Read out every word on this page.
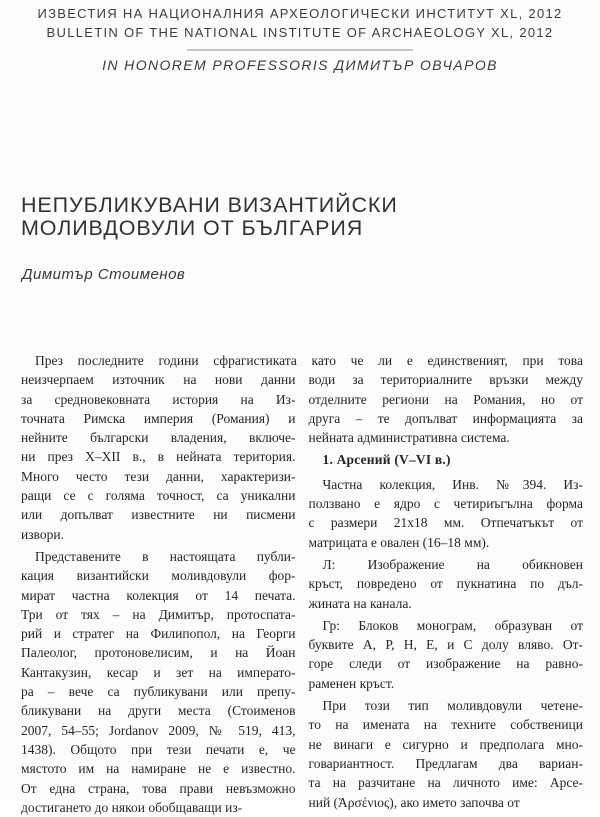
ИЗВЕСТИЯ НА НАЦИОНАЛНИЯ АРХЕОЛОГИЧЕСКИ ИНСТИТУТ XL, 2012
BULLETIN OF THE NATIONAL INSTITUTE OF ARCHAEOLOGY XL, 2012
IN HONOREM PROFESSORIS ДИМИТЪР ОВЧАРОВ
НЕПУБЛИКУВАНИ ВИЗАНТИЙСКИ
МОЛИВДОВУЛИ ОТ БЪЛГАРИЯ
Димитър Стоименов
През последните години сфрагистиката като че ли е единственият, при това
неизчерпаем източник на нови данни
за средновековната история на Из-
точната Римска империя (Романия) и
нейните български владения, включе-
ни през X–XII в., в нейната територия.
Много често тези данни, характеризи-
ращи се с голяма точност, са уникални
или допълват известните ни писмени
извори.
Представените в настоящата публи-
кация византийски моливдовули фор-
мират частна колекция от 14 печата.
Три от тях – на Димитър, протоспата-
рий и стратег на Филипопол, на Георги
Палеолог, протоновелисим, и на Йоан
Кантакузин, кесар и зет на императо-
ра – вече са публикувани или препу-
бликувани на други места (Стоименов
2007, 54–55; Jordanov 2009, № 519, 413,
1438). Общото при тези печати е, че
мястото им на намиране не е известно.
От една страна, това прави невъзможно
достигането до някои обобщаващи из-
води за териториалните връзки между
отделните региони на Романия, но от
друга – те допълват информацията за
нейната административна система.
1. Арсений (V–VI в.)
Частна колекция, Инв. №394. Из-
ползвано е ядро с четириъгълна форма
с размери 21x18 мм. Отпечатъкът от
матрицата е овален (16–18 мм).
Л: Изображение на обикновен
кръст, повредено от пукнатина по дъл-
жината на канала.
Гр: Блоков монограм, образуван от
буквите А, Р, Н, Е, и С долу вляво. От-
горе следи от изображение на равно-
раменен кръст.
При този тип моливдовули четене-
то на имената на техните собственици
не винаги е сигурно и предполага мно-
говариантност. Предлагам два вариан-
та на разчитане на личното име: Арсе-
ний (Ἀρσένιος), ако името започва от
